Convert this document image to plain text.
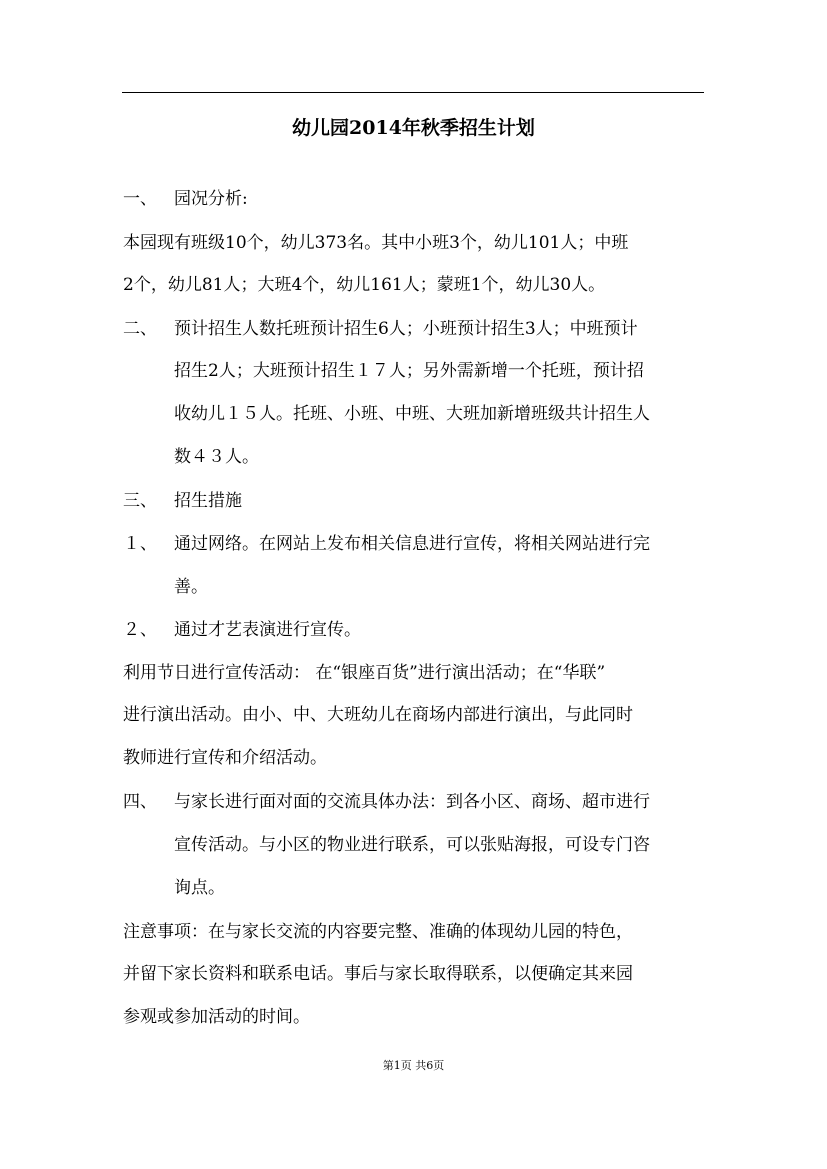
幼儿园2014年秋季招生计划
一、 园况分析:
本园现有班级10个，幼儿373名。其中小班3个，幼儿101人；中班
2个，幼儿81人；大班4个，幼儿161人；蒙班1个，幼儿30人。
二、 预计招生人数托班预计招生6人；小班预计招生3人；中班预计
招生2人；大班预计招生１７人；另外需新增一个托班，预计招
收幼儿１５人。托班、小班、中班、大班加新增班级共计招生人
数４３人。
三、 招生措施
１、 通过网络。在网站上发布相关信息进行宣传，将相关网站进行完
善。
２、 通过才艺表演进行宣传。
利用节日进行宣传活动： 在“银座百货”进行演出活动；在“华联”
进行演出活动。由小、中、大班幼儿在商场内部进行演出，与此同时
教师进行宣传和介绍活动。
四、 与家长进行面对面的交流具体办法：到各小区、商场、超市进行
宣传活动。与小区的物业进行联系，可以张贴海报，可设专门咨
询点。
注意事项：在与家长交流的内容要完整、准确的体现幼儿园的特色，
并留下家长资料和联系电话。事后与家长取得联系，以便确定其来园
参观或参加活动的时间。
第1页 共6页
